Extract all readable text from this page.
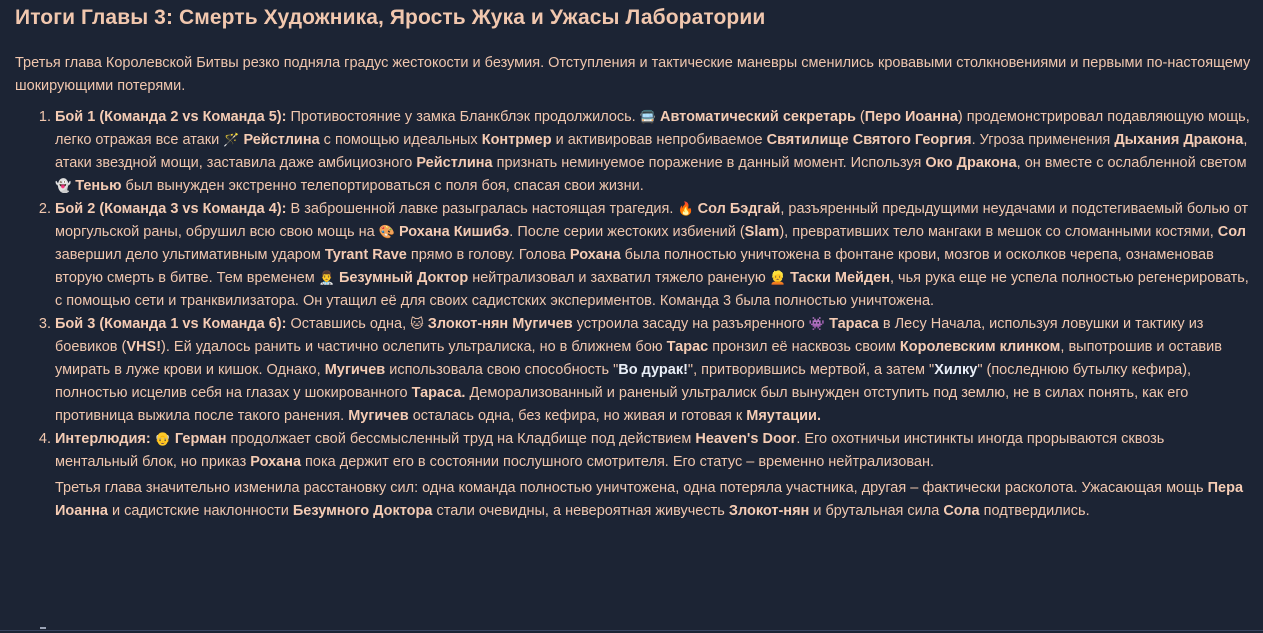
Итоги Главы 3: Смерть Художника, Ярость Жука и Ужасы Лаборатории

Третья глава Королевской Битвы резко подняла градус жестокости и безумия. Отступления и тактические маневры сменились кровавыми столкновениями и первыми по-настоящему шокирующими потерями.

1. Бой 1 (Команда 2 vs Команда 5): Противостояние у замка Бланкблэк продолжилось. 🚍 Автоматический секретарь (Перо Иоанна) продемонстрировал подавляющую мощь, легко отражая все атаки 🪄 Рейстлина с помощью идеальных Контрмер и активировав непробиваемое Святилище Святого Георгия. Угроза применения Дыхания Дракона, атаки звездной мощи, заставила даже амбициозного Рейстлина признать неминуемое поражение в данный момент. Используя Око Дракона, он вместе с ослабленной светом 👻 Тенью был вынужден экстренно телепортироваться с поля боя, спасая свои жизни.
2. Бой 2 (Команда 3 vs Команда 4): В заброшенной лавке разыгралась настоящая трагедия. 🔥 Сол Бэдгай, разъяренный предыдущими неудачами и подстегиваемый болью от моргульской раны, обрушил всю свою мощь на 🎨 Рохана Кишибэ. После серии жестоких избиений (Slam), превративших тело мангаки в мешок со сломанными костями, Сол завершил дело ультимативным ударом Tyrant Rave прямо в голову. Голова Рохана была полностью уничтожена в фонтане крови, мозгов и осколков черепа, ознаменовав вторую смерть в битве. Тем временем 👨‍⚕️ Безумный Доктор нейтрализовал и захватил тяжело раненую 👱 Таски Мейден, чья рука еще не успела полностью регенерировать, с помощью сети и транквилизатора. Он утащил её для своих садистских экспериментов. Команда 3 была полностью уничтожена.
3. Бой 3 (Команда 1 vs Команда 6): Оставшись одна, 🐱 Злокот-нян Мугичев устроила засаду на разъяренного 👾 Тараса в Лесу Начала, используя ловушки и тактику из боевиков (VHS!). Ей удалось ранить и частично ослепить ультралиска, но в ближнем бою Тарас пронзил её насквозь своим Королевским клинком, выпотрошив и оставив умирать в луже крови и кишок. Однако, Мугичев использовала свою способность "Во дурак!", притворившись мертвой, а затем "Хилку" (последнюю бутылку кефира), полностью исцелив себя на глазах у шокированного Тараса. Деморализованный и раненый ультралиск был вынужден отступить под землю, не в силах понять, как его противница выжила после такого ранения. Мугичев осталась одна, без кефира, но живая и готовая к Мяутации.
4. Интерлюдия: 👴 Герман продолжает свой бессмысленный труд на Кладбище под действием Heaven's Door. Его охотничьи инстинкты иногда прорываются сквозь ментальный блок, но приказ Рохана пока держит его в состоянии послушного смотрителя. Его статус – временно нейтрализован.

Третья глава значительно изменила расстановку сил: одна команда полностью уничтожена, одна потеряла участника, другая – фактически расколота. Ужасающая мощь Пера Иоанна и садистские наклонности Безумного Доктора стали очевидны, а невероятная живучесть Злокот-нян и брутальная сила Сола подтвердились.
